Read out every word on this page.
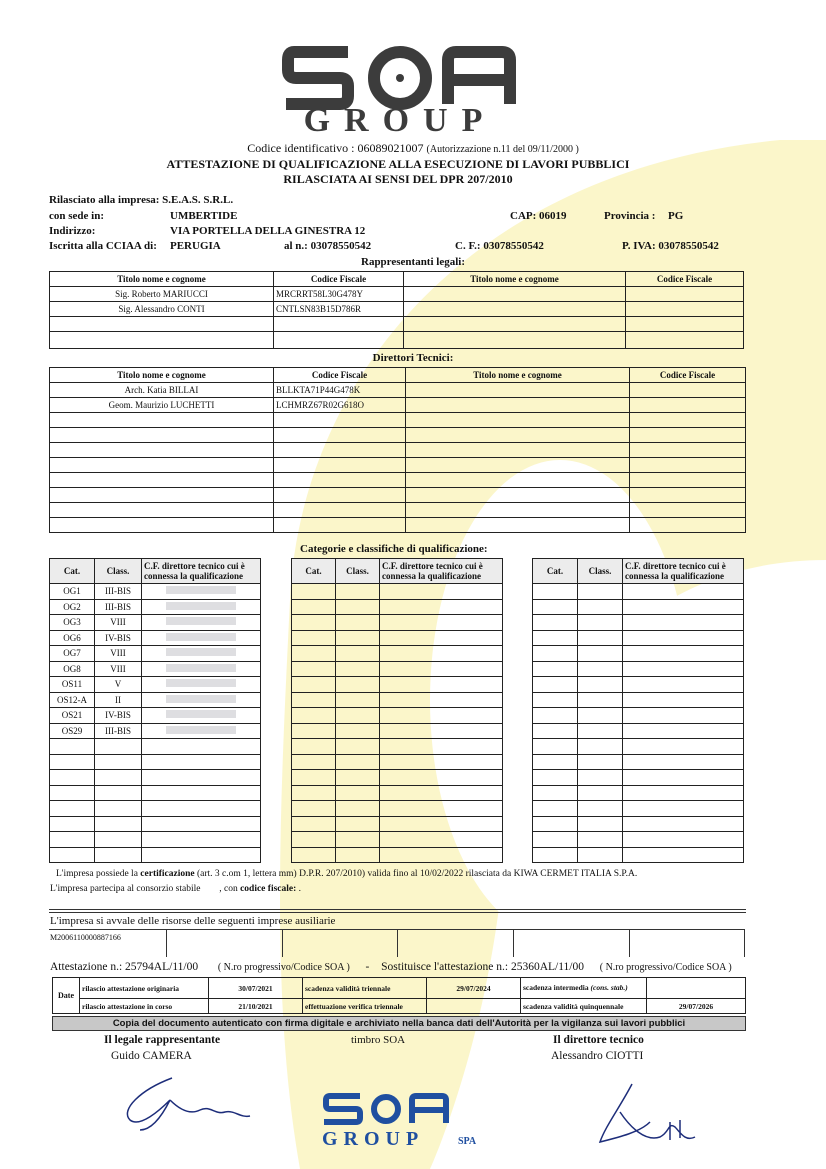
GROUP
Codice identificativo : 06089021007 (Autorizzazione n.11 del 09/11/2000 )
ATTESTAZIONE DI QUALIFICAZIONE ALLA ESECUZIONE DI LAVORI PUBBLICI
RILASCIATA AI SENSI DEL DPR 207/2010
Rilasciato alla impresa: S.E.A.S. S.R.L.
con sede in:	UMBERTIDE	CAP: 06019	Provincia : PG
Indirizzo:	VIA PORTELLA DELLA GINESTRA 12
Iscritta alla CCIAA di: PERUGIA	al n.: 03078550542	C. F.: 03078550542	P. IVA: 03078550542
Rappresentanti legali:
Titolo nome e cognome	Codice Fiscale	Titolo nome e cognome	Codice Fiscale
Sig. Roberto MARIUCCI	MRCRRT58L30G478Y		
Sig. Alessandro CONTI	CNTLSN83B15D786R		

Direttori Tecnici:
Titolo nome e cognome	Codice Fiscale	Titolo nome e cognome	Codice Fiscale
Arch. Katia BILLAI	BLLKTA71P44G478K		
Geom. Maurizio LUCHETTI	LCHMRZ67R02G618O		

Categorie e classifiche di qualificazione:
Cat.	Class.	C.F. direttore tecnico cui è
connessa la qualificazione
OG1	III-BIS	
OG2	III-BIS	
OG3	VIII	
OG6	IV-BIS	
OG7	VIII	
OG8	VIII	
OS11	V	
OS12-A	II	
OS21	IV-BIS	
OS29	III-BIS	

Cat.	Class.	C.F. direttore tecnico cui è
connessa la qualificazione

			Cat.	Class.	C.F. direttore tecnico cui è
connessa la qualificazione

L'impresa possiede la certificazione (art. 3 c.om 1, lettera mm) D.P.R. 207/2010) valida fino al 10/02/2022 rilasciata da KIWA CERMET ITALIA S.P.A.
L'impresa partecipa al consorzio stabile , con codice fiscale: .
L'impresa si avvale delle risorse delle seguenti imprese ausiliarie
M2006110000887166
Attestazione n.: 25794AL/11/00 ( N.ro progressivo/Codice SOA ) - Sostituisce l'attestazione n.: 25360AL/11/00 ( N.ro progressivo/Codice SOA )
Date	rilascio attestazione originaria	30/07/2021	scadenza validità triennale	29/07/2024	scadenza intermedia (cons. stab.)	
	rilascio attestazione in corso	21/10/2021	effettuazione verifica triennale		scadenza validità quinquennale	29/07/2026
Copia del documento autenticato con firma digitale e archiviato nella banca dati dell'Autorità per la vigilanza sui lavori pubblici
Il legale rappresentante
Guido CAMERA
timbro SOA	Il direttore tecnico
Alessandro CIOTTI
GROUP	SPA
